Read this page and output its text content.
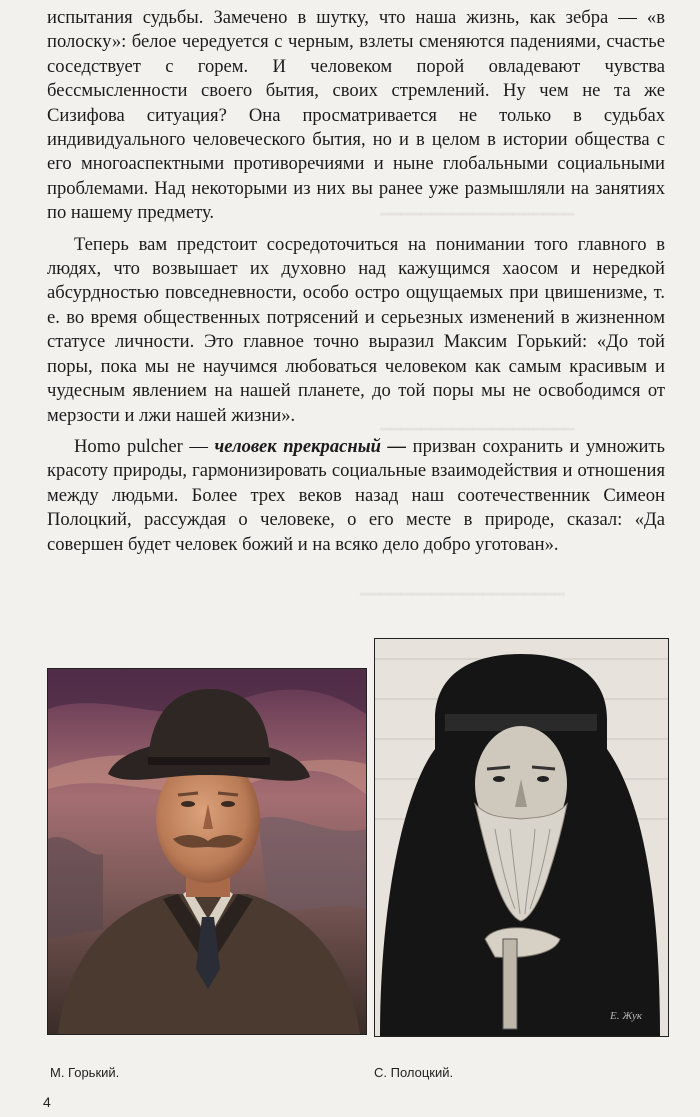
━━━━━━━━━━━━━━━━━━━
━━━━━━━━━━━━━━━━━━━
━━━━━━━━━━━━━━━━━━━━

испытания судьбы. Замечено в шутку, что наша жизнь, как зебра — «в полоску»: белое чередуется с черным, взлеты сменяются падениями, счастье соседствует с горем. И человеком порой овладевают чувства бессмысленности своего бытия, своих стремлений. Ну чем не та же Сизифова ситуация? Она просматривается не только в судьбах индивидуального человеческого бытия, но и в целом в истории общества с его многоаспектными противоречиями и ныне глобальными социальными проблемами. Над некоторыми из них вы ранее уже размышляли на занятиях по нашему предмету.

Теперь вам предстоит сосредоточиться на понимании того главного в людях, что возвышает их духовно над кажущимся хаосом и нередкой абсурдностью повседневности, особо остро ощущаемых при цвишенизме, т. е. во время общественных потрясений и серьезных изменений в жизненном статусе личности. Это главное точно выразил Максим Горький: «До той поры, пока мы не научимся любоваться человеком как самым красивым и чудесным явлением на нашей планете, до той поры мы не освободимся от мерзости и лжи нашей жизни».

Homo pulcher — человек прекрасный — призван сохранить и умножить красоту природы, гармонизировать социальные взаимодействия и отношения между людьми. Более трех веков назад наш соотечественник Симеон Полоцкий, рассуждая о человеке, о его месте в природе, сказал: «Да совершен будет человек божий и на всяко дело добро уготован».

Е. Жук
М. Горький.	С. Полоцкий.
4
